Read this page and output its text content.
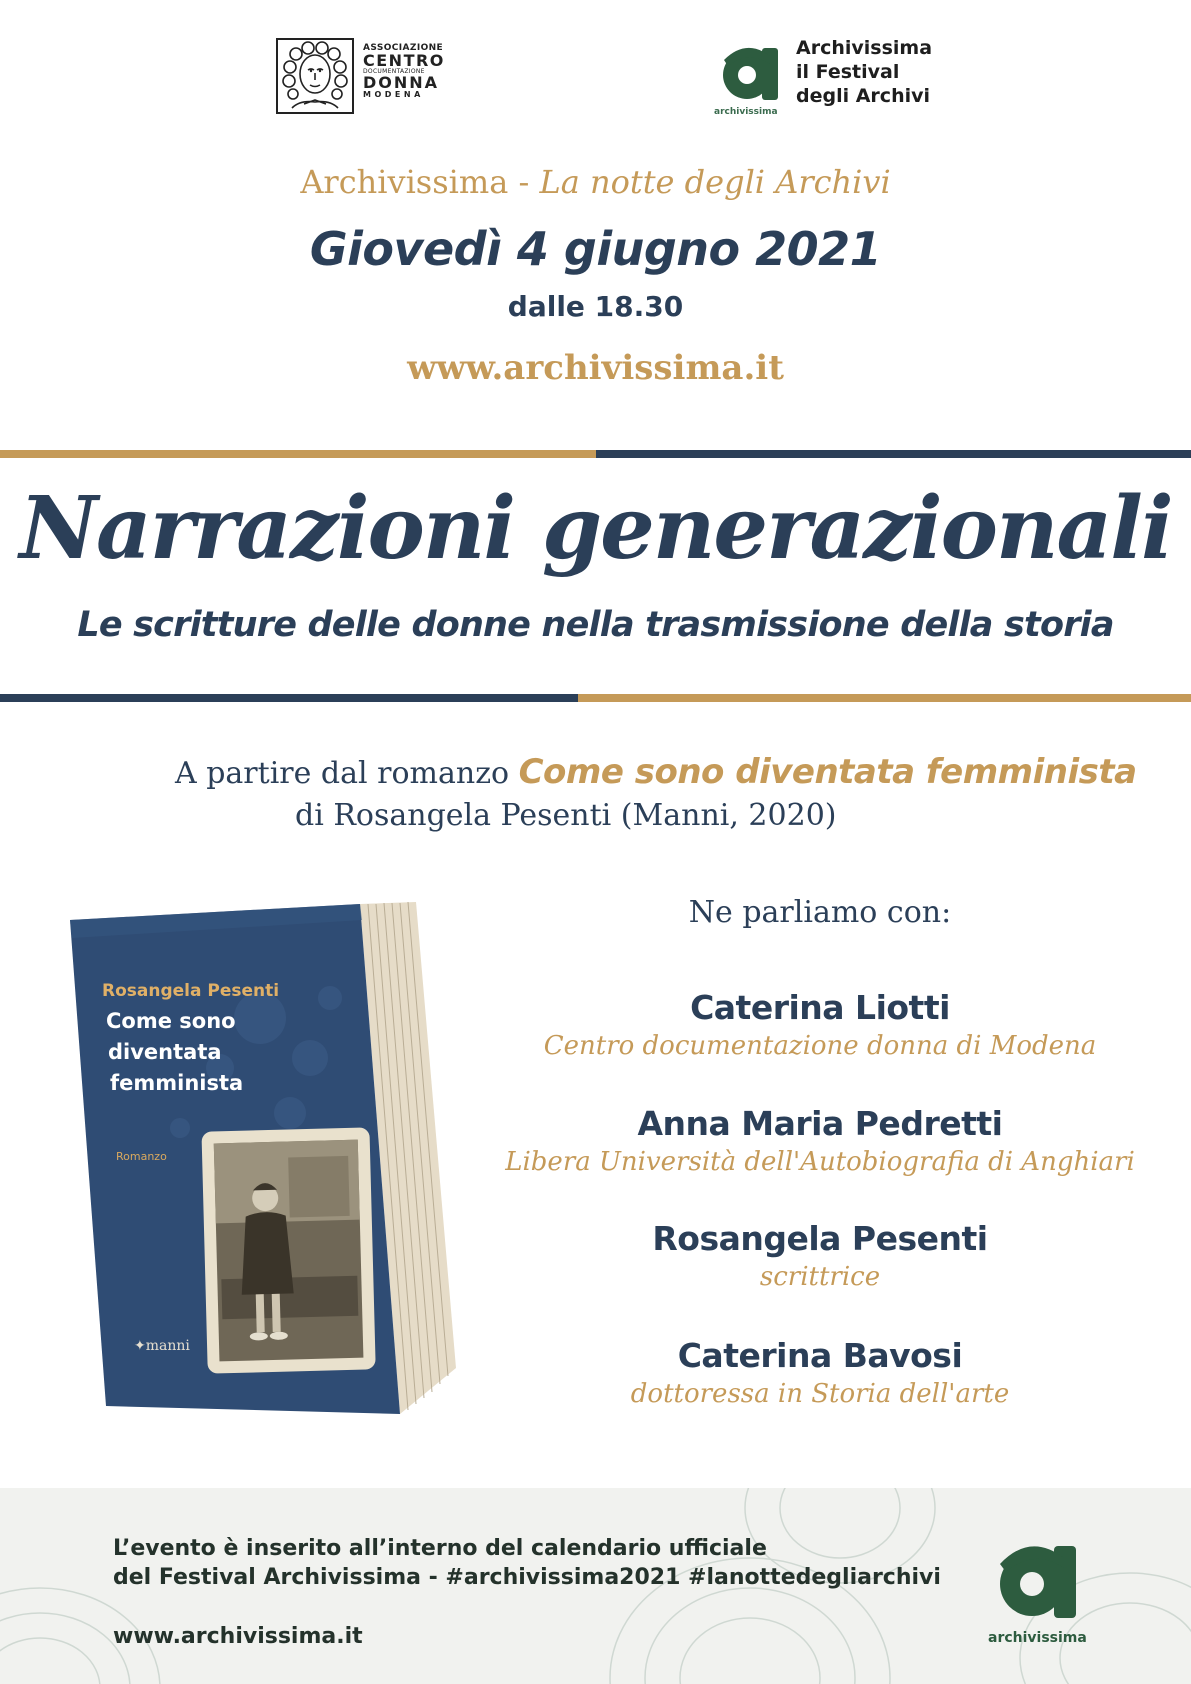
ASSOCIAZIONE
CENTRO
DOCUMENTAZIONE
DONNA
MODENA
archivissima
Archivissima
il Festival
degli Archivi
Archivissima - La notte degli Archivi
Giovedì 4 giugno 2021
dalle 18.30
www.archivissima.it
Narrazioni generazionali
Le scritture delle donne nella trasmissione della storia
A partire dal romanzo Come sono diventata femminista
di Rosangela Pesenti (Manni, 2020)
Rosangela Pesenti
Come sono
diventata
femminista
Romanzo
✦manni
Ne parliamo con:
Caterina Liotti
Centro documentazione donna di Modena
Anna Maria Pedretti
Libera Università dell'Autobiografia di Anghiari
Rosangela Pesenti
scrittrice
Caterina Bavosi
dottoressa in Storia dell'arte
L’evento è inserito all’interno del calendario ufficiale
del Festival Archivissima - #archivissima2021 #lanottedegliarchivi
www.archivissima.it	archivissima
